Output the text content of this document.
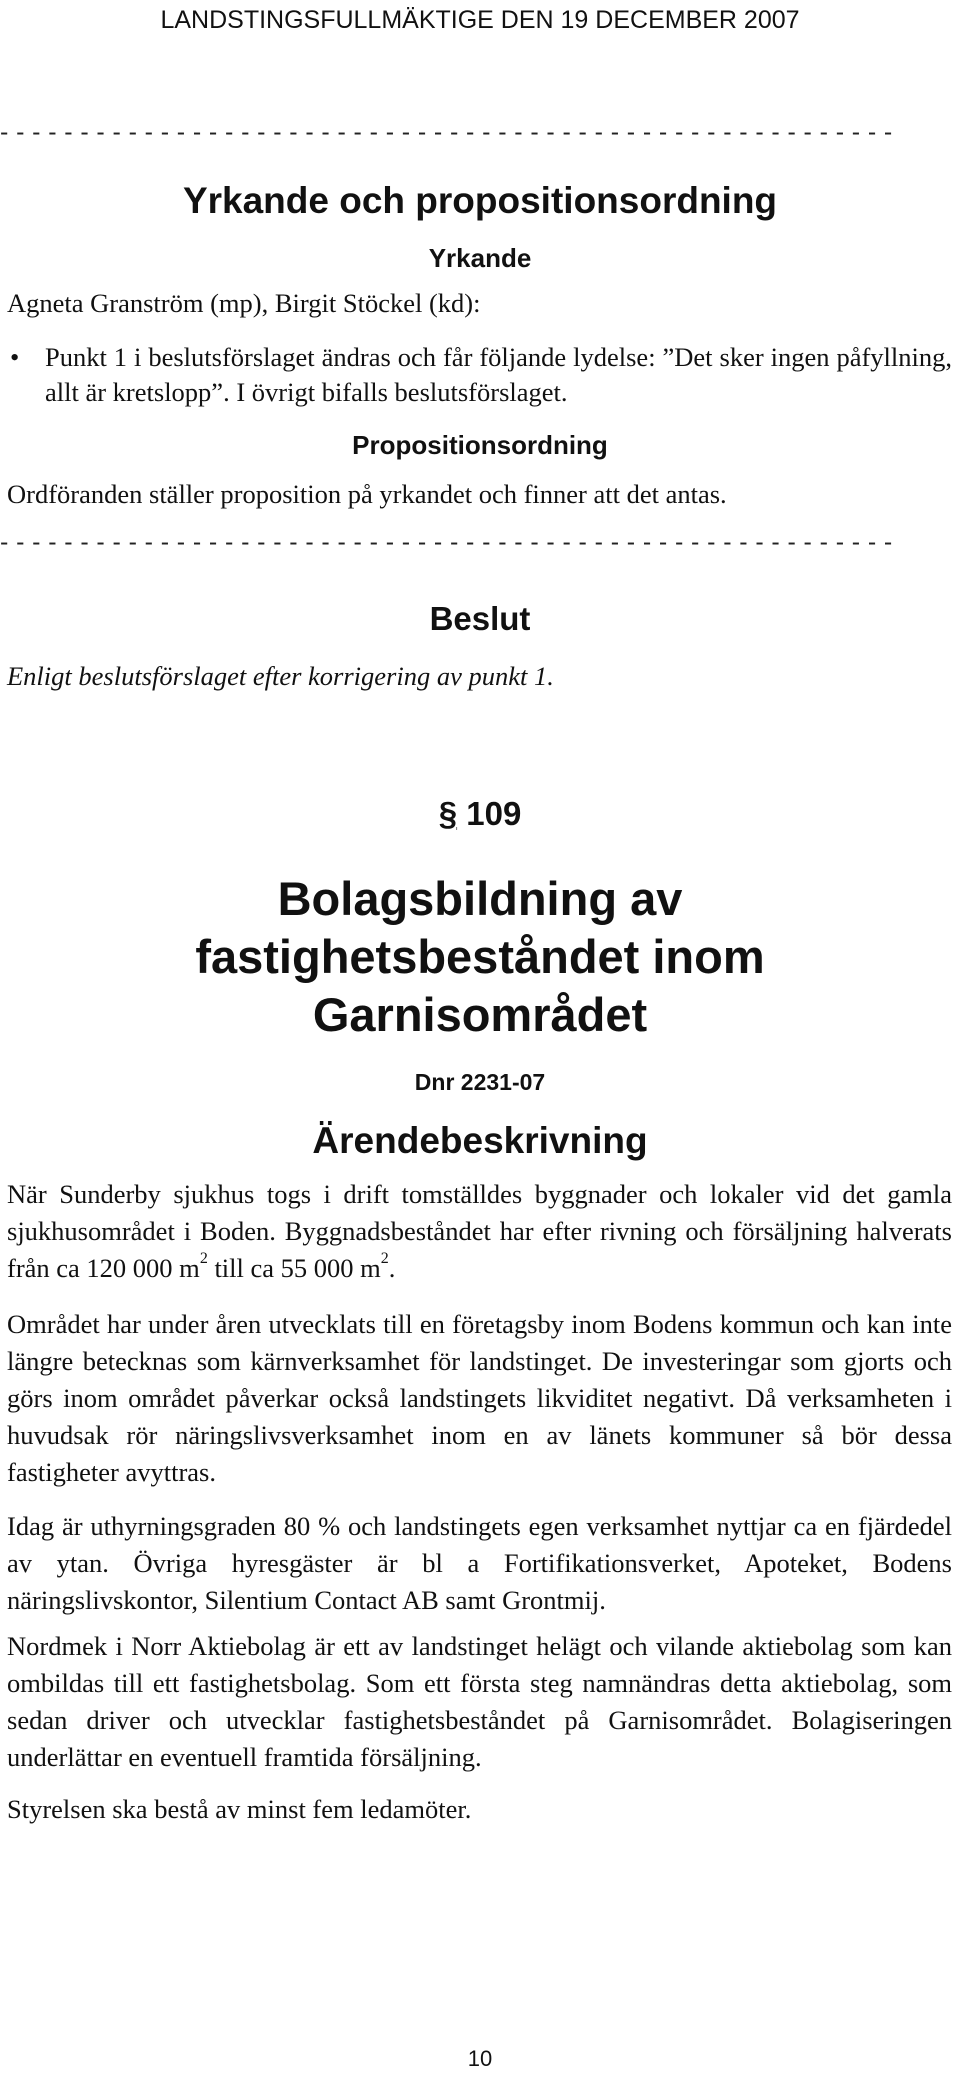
LANDSTINGSFULLMÄKTIGE DEN 19 DECEMBER 2007
- - - - - - - - - - - - - - - - - - - - - - - - - - - - - - - - - - - - - - - - - - - - - - - - - - - - - - - -
Yrkande och propositionsordning
Yrkande
Agneta Granström (mp), Birgit Stöckel (kd):
• Punkt 1 i beslutsförslaget ändras och får följande lydelse: ”Det sker ingen påfyllning, allt är kretslopp”. I övrigt bifalls beslutsförslaget.
Propositionsordning
Ordföranden ställer proposition på yrkandet och finner att det antas.
- - - - - - - - - - - - - - - - - - - - - - - - - - - - - - - - - - - - - - - - - - - - - - - - - - - - - - - -
Beslut
Enligt beslutsförslaget efter korrigering av punkt 1.
§ 109
Bolagsbildning av
fastighetsbeståndet inom
Garnisområdet
Dnr 2231-07
Ärendebeskrivning

När Sunderby sjukhus togs i drift tomställdes byggnader och lokaler vid det gamla sjukhusområdet i Boden. Byggnadsbeståndet har efter rivning och försäljning halverats från ca 120 000 $m^2$ till ca 55 000 $m^2$.

Området har under åren utvecklats till en företagsby inom Bodens kommun och kan inte längre betecknas som kärnverksamhet för landstinget. De investeringar som gjorts och görs inom området påverkar också landstingets likviditet negativt. Då verksamheten i huvudsak rör näringslivsverksamhet inom en av länets kommuner så bör dessa fastigheter avyttras.

Idag är uthyrningsgraden 80 % och landstingets egen verksamhet nyttjar ca en fjärdedel av ytan. Övriga hyresgäster är bl a Fortifikationsverket, Apoteket, Bodens näringslivskontor, Silentium Contact AB samt Grontmij.

Nordmek i Norr Aktiebolag är ett av landstinget helägt och vilande aktiebolag som kan ombildas till ett fastighetsbolag. Som ett första steg namnändras detta aktiebolag, som sedan driver och utvecklar fastighetsbeståndet på Garnisområdet. Bolagiseringen underlättar en eventuell framtida försäljning.

Styrelsen ska bestå av minst fem ledamöter.

10
